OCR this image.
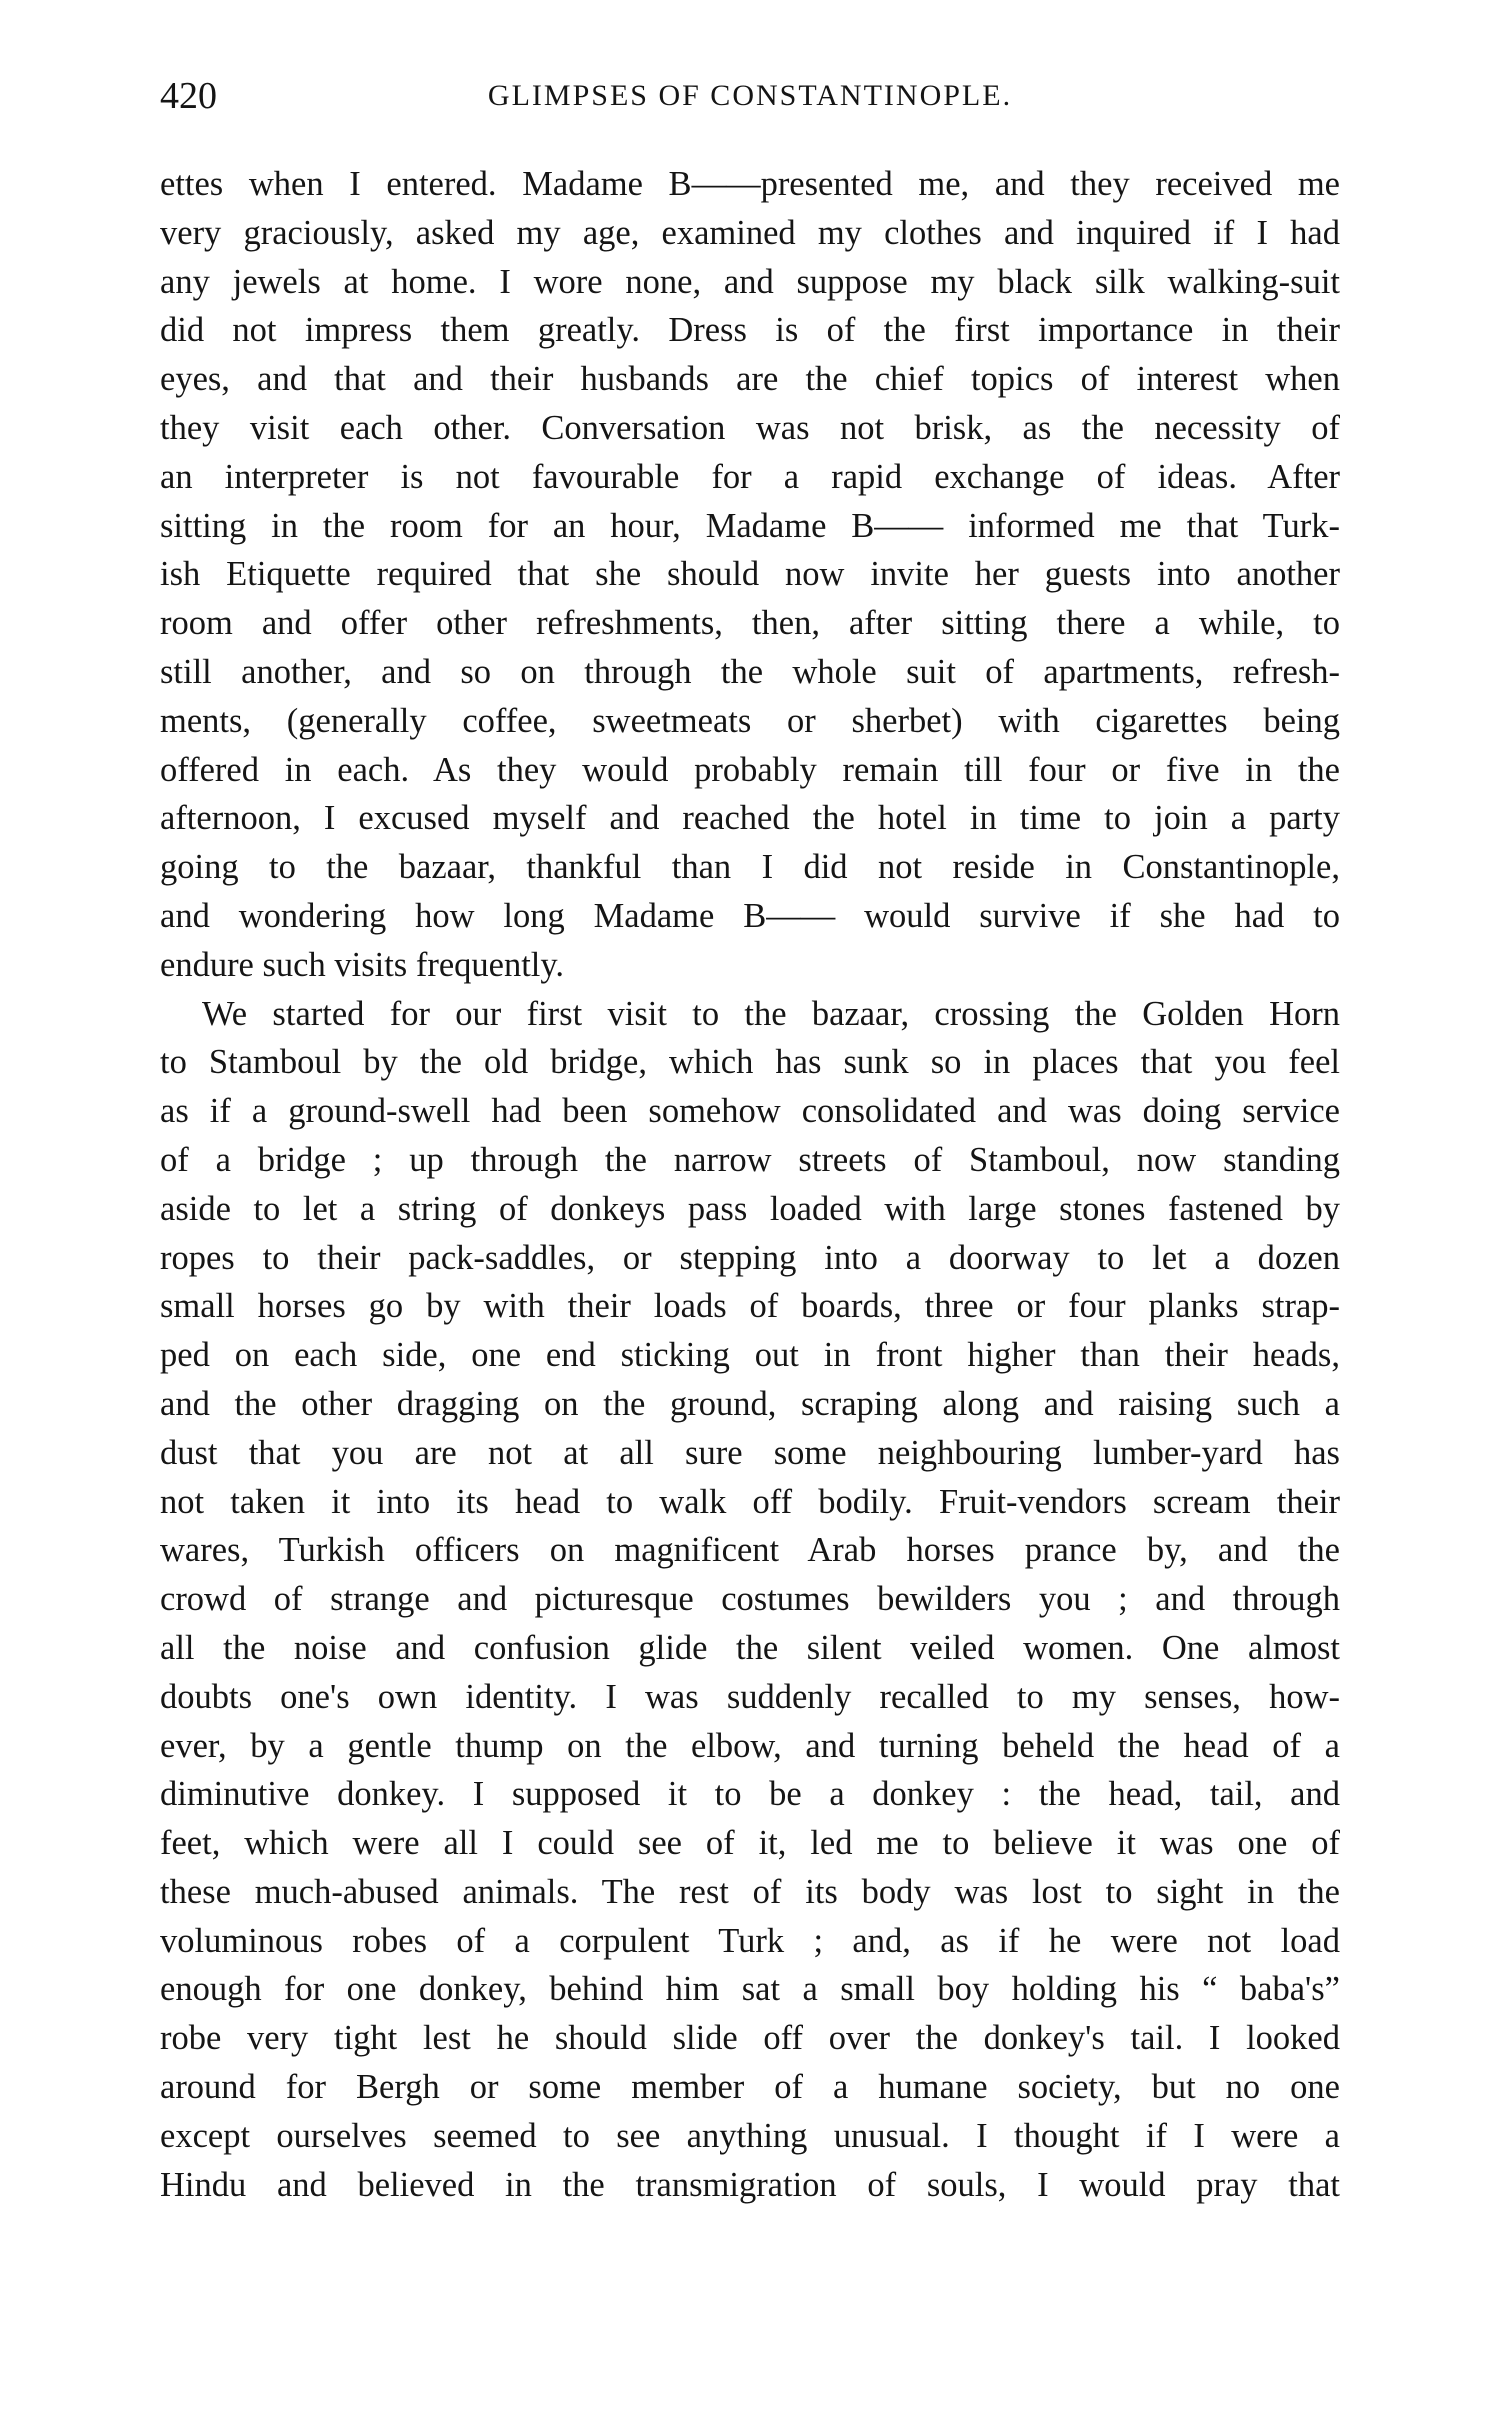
420	GLIMPSES OF CONSTANTINOPLE.
ettes when I entered. Madame B——presented me, and they received me
very graciously, asked my age, examined my clothes and inquired if I had
any jewels at home. I wore none, and suppose my black silk walking-suit
did not impress them greatly. Dress is of the first importance in their
eyes, and that and their husbands are the chief topics of interest when
they visit each other. Conversation was not brisk, as the necessity of
an interpreter is not favourable for a rapid exchange of ideas. After
sitting in the room for an hour, Madame B—— informed me that Turk-
ish Etiquette required that she should now invite her guests into another
room and offer other refreshments, then, after sitting there a while, to
still another, and so on through the whole suit of apartments, refresh-
ments, (generally coffee, sweetmeats or sherbet) with cigarettes being
offered in each. As they would probably remain till four or five in the
afternoon, I excused myself and reached the hotel in time to join a party
going to the bazaar, thankful than I did not reside in Constantinople,
and wondering how long Madame B—— would survive if she had to
endure such visits frequently.
We started for our first visit to the bazaar, crossing the Golden Horn
to Stamboul by the old bridge, which has sunk so in places that you feel
as if a ground-swell had been somehow consolidated and was doing service
of a bridge ; up through the narrow streets of Stamboul, now standing
aside to let a string of donkeys pass loaded with large stones fastened by
ropes to their pack-saddles, or stepping into a doorway to let a dozen
small horses go by with their loads of boards, three or four planks strap-
ped on each side, one end sticking out in front higher than their heads,
and the other dragging on the ground, scraping along and raising such a
dust that you are not at all sure some neighbouring lumber-yard has
not taken it into its head to walk off bodily. Fruit-vendors scream their
wares, Turkish officers on magnificent Arab horses prance by, and the
crowd of strange and picturesque costumes bewilders you ; and through
all the noise and confusion glide the silent veiled women. One almost
doubts one's own identity. I was suddenly recalled to my senses, how-
ever, by a gentle thump on the elbow, and turning beheld the head of a
diminutive donkey. I supposed it to be a donkey : the head, tail, and
feet, which were all I could see of it, led me to believe it was one of
these much-abused animals. The rest of its body was lost to sight in the
voluminous robes of a corpulent Turk ; and, as if he were not load
enough for one donkey, behind him sat a small boy holding his “ baba's”
robe very tight lest he should slide off over the donkey's tail. I looked
around for Bergh or some member of a humane society, but no one
except ourselves seemed to see anything unusual. I thought if I were a
Hindu and believed in the transmigration of souls, I would pray that
